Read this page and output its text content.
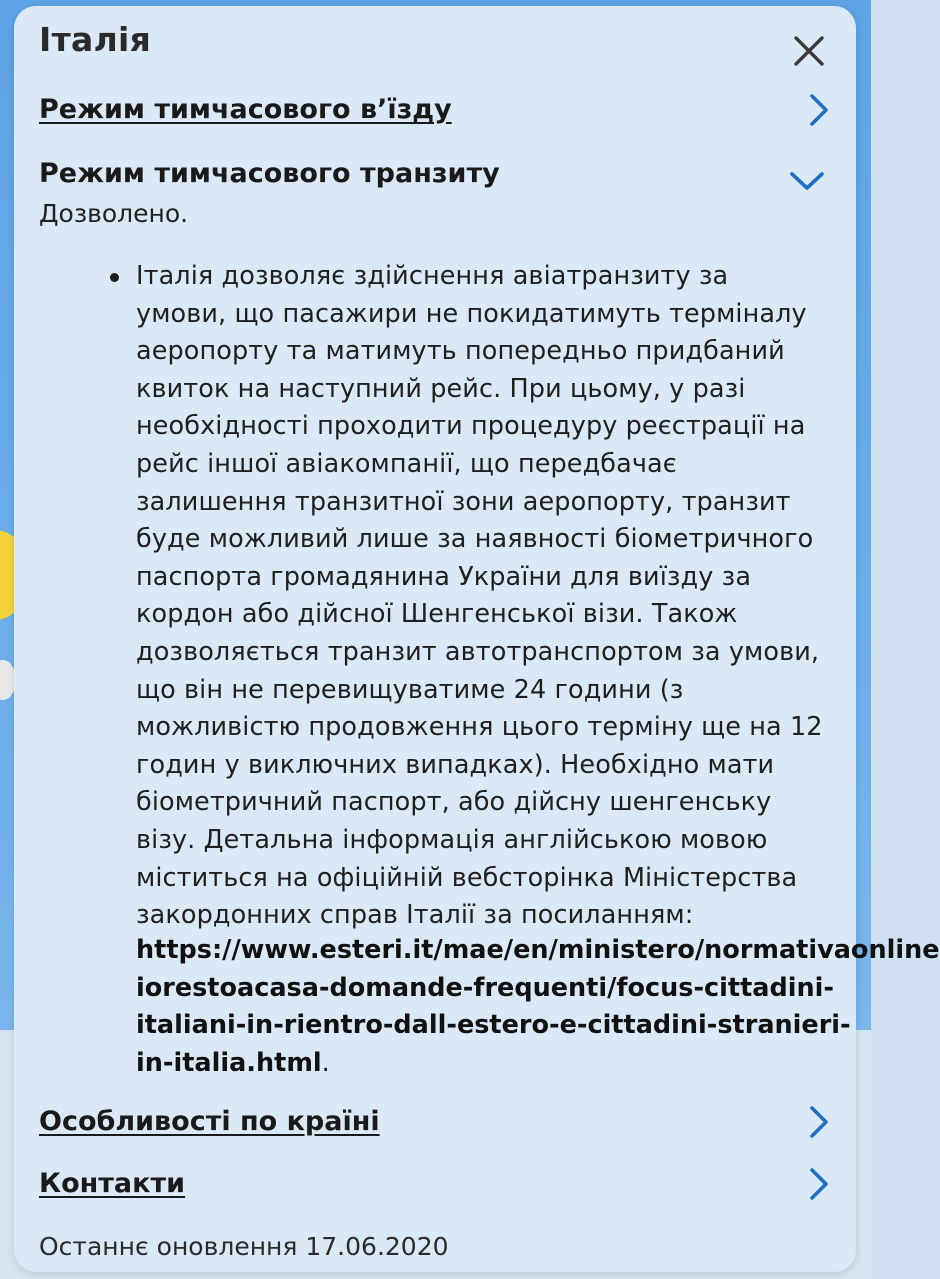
Італія
Режим тимчасового в’їзду
Режим тимчасового транзиту
Дозволено.
Італія дозволяє здійснення авіатранзиту за
умови, що пасажири не покидатимуть терміналу
аеропорту та матимуть попередньо придбаний
квиток на наступний рейс. При цьому, у разі
необхідності проходити процедуру реєстрації на
рейс іншої авіакомпанії, що передбачає
залишення транзитної зони аеропорту, транзит
буде можливий лише за наявності біометричного
паспорта громадянина України для виїзду за
кордон або дійсної Шенгенської візи. Також
дозволяється транзит автотранспортом за умови,
що він не перевищуватиме 24 години (з
можливістю продовження цього терміну ще на 12
годин у виключних випадках). Необхідно мати
біометричний паспорт, або дійсну шенгенську
візу. Детальна інформація англійською мовою
міститься на офіційній вебсторінка Міністерства
закордонних справ Італії за посиланням:
https://www.esteri.it/mae/en/ministero/normativaonline
iorestoacasa-domande-frequenti/focus-cittadini-
italiani-in-rientro-dall-estero-e-cittadini-stranieri-
in-italia.html.
Особливості по країні
Контакти
Останнє оновлення 17.06.2020
